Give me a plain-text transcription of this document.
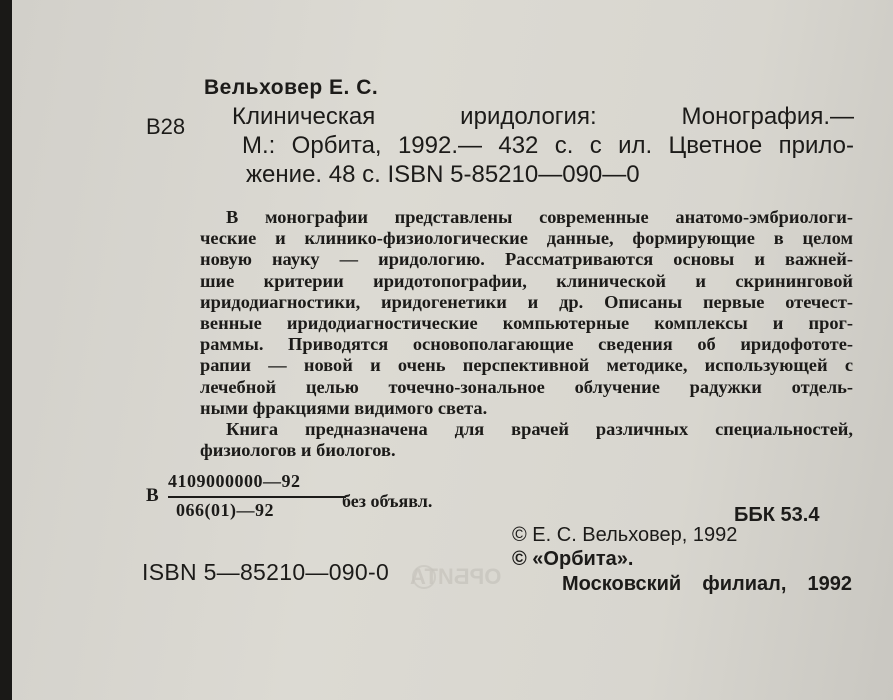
Вельховер Е. С.
В28 Клиническая иридология: Монография.—
М.: Орбита, 1992.— 432 с. с ил. Цветное прило-
жение. 48 с. ISBN 5-85210—090—0
В монографии представлены современные анатомо-эмбриологи-
ческие и клинико-физиологические данные, формирующие в целом
новую науку — иридологию. Рассматриваются основы и важней-
шие критерии иридотопографии, клинической и скрининговой
иридодиагностики, иридогенетики и др. Описаны первые отечест-
венные иридодиагностические компьютерные комплексы и прог-
раммы. Приводятся основополагающие сведения об иридофототе-
рапии — новой и очень перспективной методике, использующей с
лечебной целью точечно-зональное облучение радужки отдель-
ными фракциями видимого света.
Книга предназначена для врачей различных специальностей,
физиологов и биологов.
В
4109000000—92
066(01)—92	без объявл.
ББК 53.4
ISBN 5—85210—090-0 ОРБИТА
© Е. С. Вельховер, 1992
© «Орбита».
Московский филиал, 1992
